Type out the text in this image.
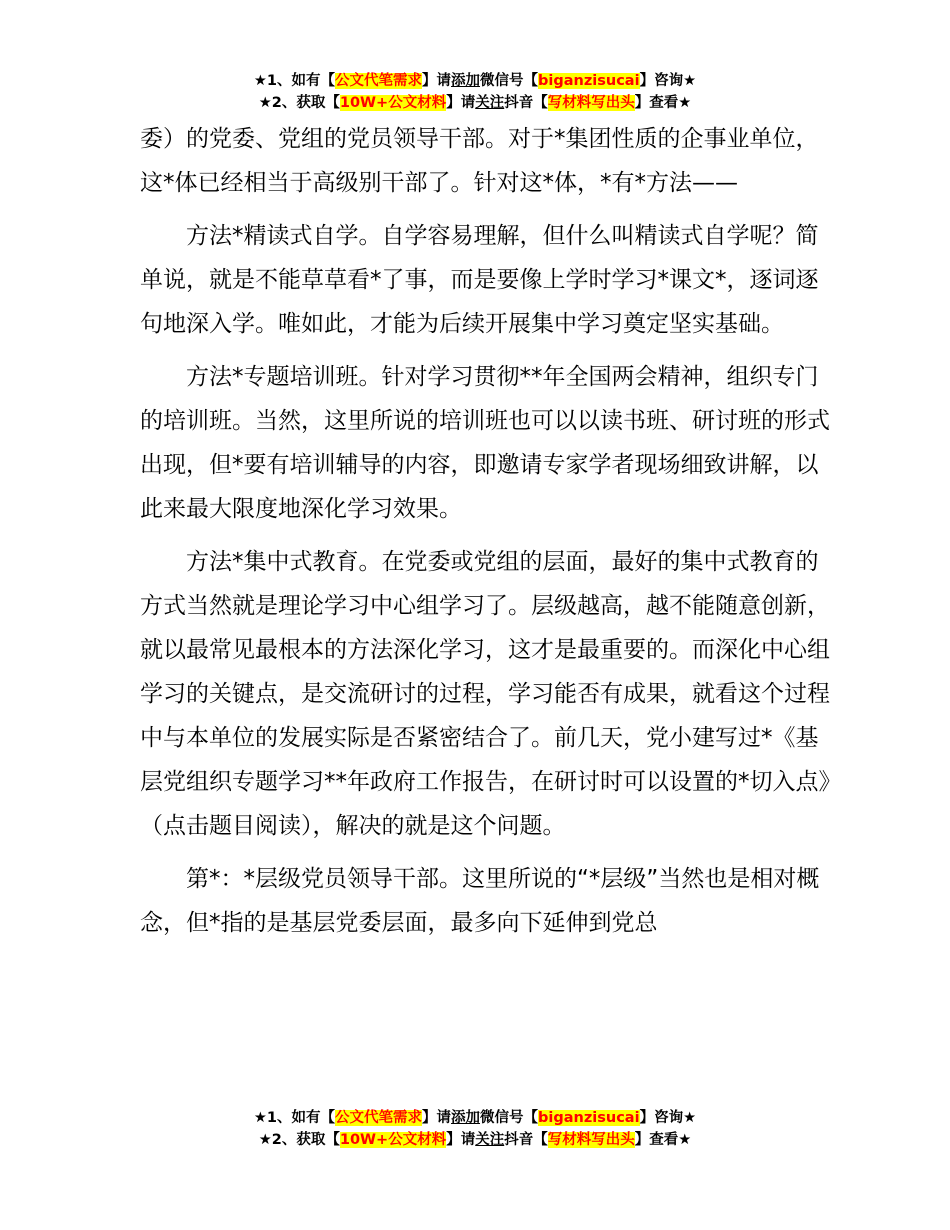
★1、如有【公文代笔需求】请添加微信号【biganzisucai】咨询★
★2、获取【10W+公文材料】请关注抖音【写材料写出头】查看★

委）的党委、党组的党员领导干部。对于*集团性质的企事业单位，这*体已经相当于高级别干部了。针对这*体，*有*方法——

方法*精读式自学。自学容易理解，但什么叫精读式自学呢？简单说，就是不能草草看*了事，而是要像上学时学习*课文*，逐词逐句地深入学。唯如此，才能为后续开展集中学习奠定坚实基础。

方法*专题培训班。针对学习贯彻**年全国两会精神，组织专门的培训班。当然，这里所说的培训班也可以以读书班、研讨班的形式出现，但*要有培训辅导的内容，即邀请专家学者现场细致讲解，以此来最大限度地深化学习效果。

方法*集中式教育。在党委或党组的层面，最好的集中式教育的方式当然就是理论学习中心组学习了。层级越高，越不能随意创新，就以最常见最根本的方法深化学习，这才是最重要的。而深化中心组学习的关键点，是交流研讨的过程，学习能否有成果，就看这个过程中与本单位的发展实际是否紧密结合了。前几天，党小建写过*《基层党组织专题学习**年政府工作报告，在研讨时可以设置的*切入点》（点击题目阅读），解决的就是这个问题。

第*：*层级党员领导干部。这里所说的“*层级”当然也是相对概念，但*指的是基层党委层面，最多向下延伸到党总

★1、如有【公文代笔需求】请添加微信号【biganzisucai】咨询★
★2、获取【10W+公文材料】请关注抖音【写材料写出头】查看★
